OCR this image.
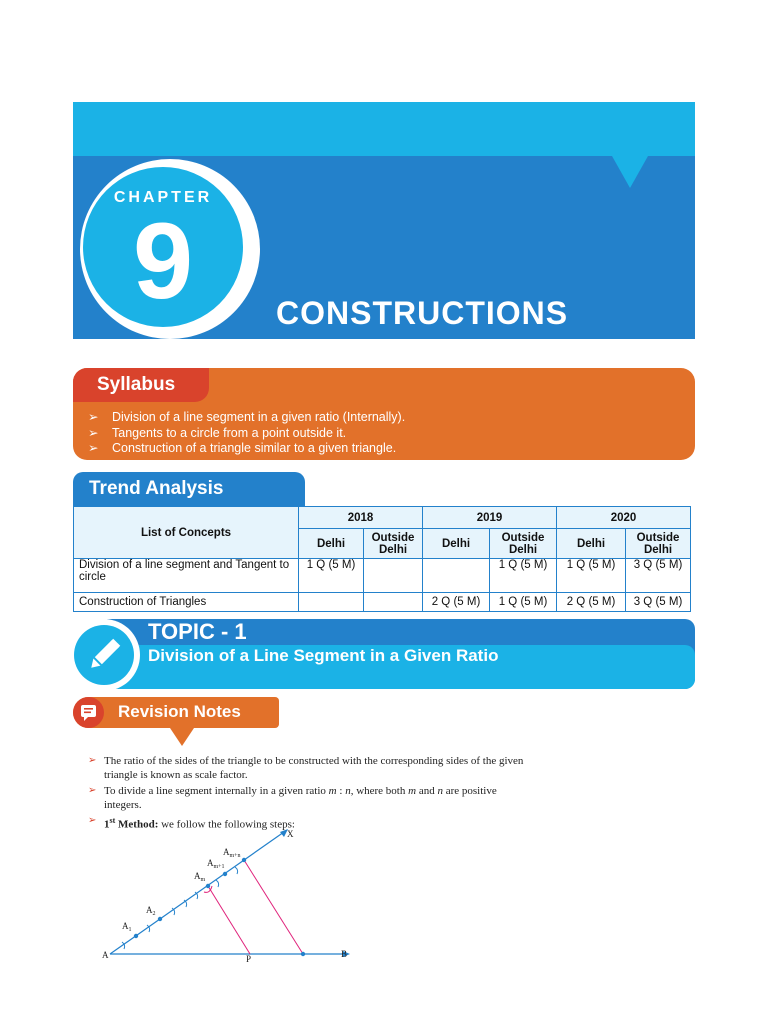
CHAPTER
9	CONSTRUCTIONS
Syllabus
➢ Division of a line segment in a given ratio (Internally).
➢ Tangents to a circle from a point outside it.
➢ Construction of a triangle similar to a given triangle.
Trend Analysis
List of Concepts	2018		2019		2020	
	Delhi	Outside Delhi	Delhi	Outside Delhi	Delhi	Outside Delhi
Division of a line segment and Tangent to circle	1 Q (5 M)			1 Q (5 M)	1 Q (5 M)	3 Q (5 M)
Construction of Triangles			2 Q (5 M)	1 Q (5 M)	2 Q (5 M)	3 Q (5 M)
TOPIC - 1
Division of a Line Segment in a Given Ratio
Revision Notes
➢ The ratio of the sides of the triangle to be constructed with the corresponding sides of the given triangle is known as scale factor.
➢ To divide a line segment internally in a given ratio m : n, where both m and n are positive integers.
➢ 1st Method: we follow the following steps:
A	P	B
X
$A_1$
$A_2$
$A_m$
$A_{m+1}$
$A_{m+n}$
